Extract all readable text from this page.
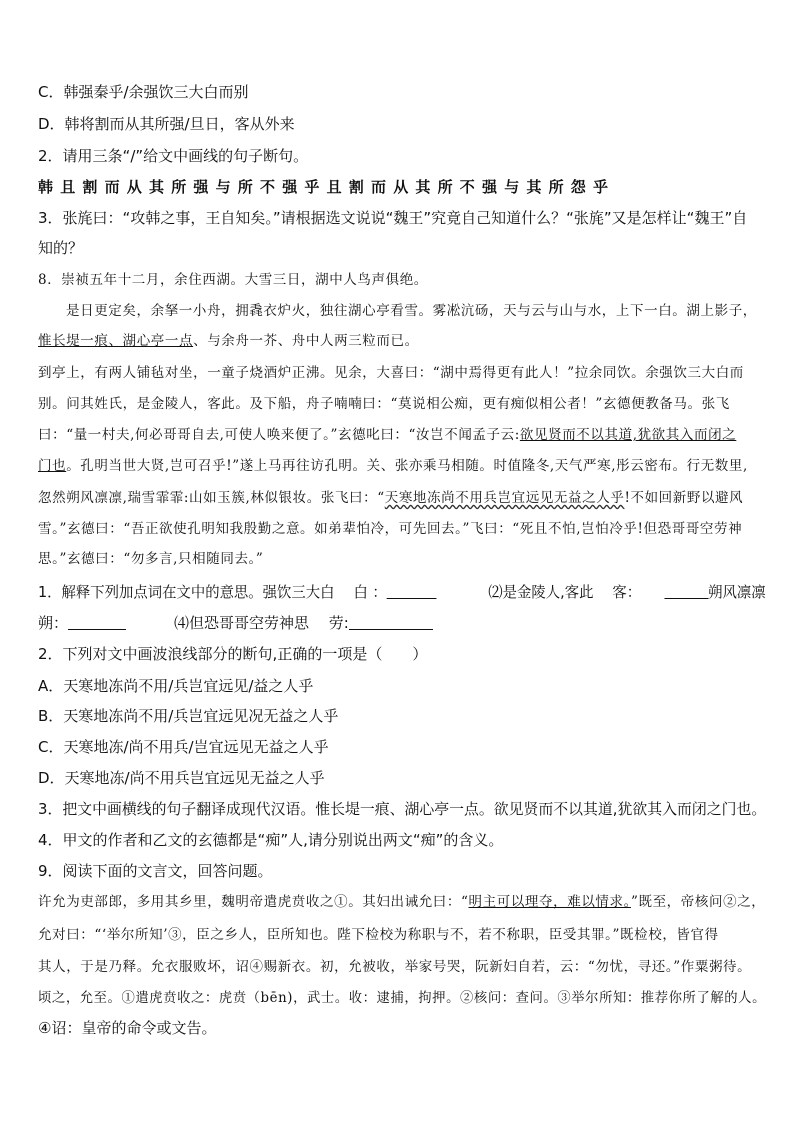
C．韩强秦乎/余强饮三大白而别
D．韩将割而从其所强/旦日，客从外来
2．请用三条“/”给文中画线的句子断句。
韩且割而从其所强与所不强乎且割而从其所不强与其所怨乎
3．张旄曰：“攻韩之事，王自知矣。”请根据选文说说“魏王”究竟自己知道什么？“张旄”又是怎样让“魏王”自
知的？
8．崇祯五年十二月，余住西湖。大雪三日，湖中人鸟声俱绝。
是日更定矣，余拏一小舟，拥毳衣炉火，独往湖心亭看雪。雾凇沆砀，天与云与山与水，上下一白。湖上影子，
惟长堤一痕、湖心亭一点、与余舟一芥、舟中人两三粒而已。
到亭上，有两人铺毡对坐，一童子烧酒炉正沸。见余，大喜曰：“湖中焉得更有此人！”拉余同饮。余强饮三大白而
别。问其姓氏，是金陵人，客此。及下船，舟子喃喃曰：“莫说相公痴，更有痴似相公者！”玄德便教备马。张飞
曰：“量一村夫,何必哥哥自去,可使人唤来便了。”玄德叱曰：“汝岂不闻孟子云:欲见贤而不以其道,犹欲其入而闭之
门也。孔明当世大贤,岂可召乎!”遂上马再往访孔明。关、张亦乘马相随。时值隆冬,天气严寒,彤云密布。行无数里,
忽然朔风凛凛,瑞雪霏霏:山如玉簇,林似银妆。张飞曰：“天寒地冻尚不用兵岂宜远见无益之人乎!不如回新野以避风
雪。”玄德曰：“吾正欲使孔明知我殷勤之意。如弟辈怕冷，可先回去。”飞曰：“死且不怕,岂怕冷乎!但恐哥哥空劳神
思。”玄德曰：“勿多言,只相随同去。”
1．解释下列加点词在文中的意思。强饮三大白　 白 ：	⑵是金陵人,客此　 客：	朔风凛凛
朔：	⑷但恐哥哥空劳神思　 劳:
2．下列对文中画波浪线部分的断句,正确的一项是（　　）
A．天寒地冻尚不用/兵岂宜远见/益之人乎
B．天寒地冻尚不用/兵岂宜远见况无益之人乎
C．天寒地冻/尚不用兵/岂宜远见无益之人乎
D．天寒地冻/尚不用兵岂宜远见无益之人乎
3．把文中画横线的句子翻译成现代汉语。惟长堤一痕、湖心亭一点。欲见贤而不以其道,犹欲其入而闭之门也。
4．甲文的作者和乙文的玄德都是“痴”人,请分别说出两文“痴”的含义。
9．阅读下面的文言文，回答问题。
许允为吏部郎，多用其乡里，魏明帝遣虎贲收之①。其妇出诫允曰：“明主可以理夺，难以情求。”既至，帝核问②之，
允对曰：“‘举尔所知’③，臣之乡人，臣所知也。陛下检校为称职与不，若不称职，臣受其罪。”既检校，皆官得
其人，于是乃释。允衣服败坏，诏④赐新衣。初，允被收，举家号哭，阮新妇自若，云：“勿忧，寻还。”作粟粥待。
顷之，允至。①遣虎贲收之：虎贲（bēn)，武士。收：逮捕，拘押。②核问：查问。③举尔所知：推荐你所了解的人。
④诏：皇帝的命令或文告。
